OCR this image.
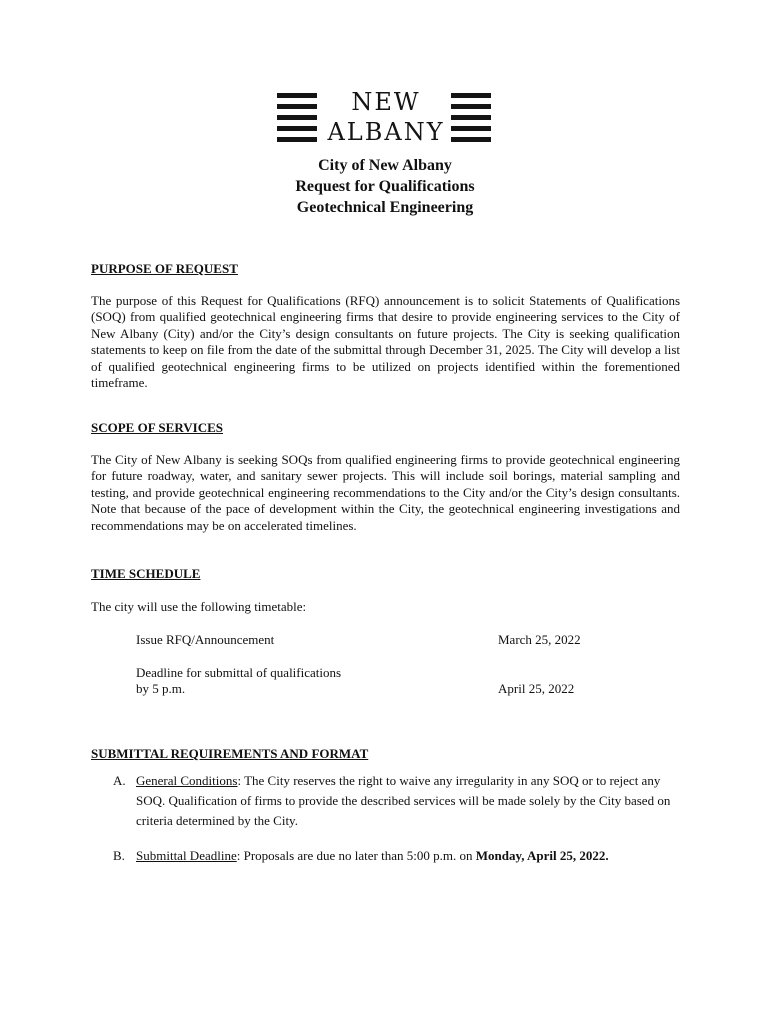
NEW
ALBANY
City of New Albany
Request for Qualifications
Geotechnical Engineering
PURPOSE OF REQUEST

The purpose of this Request for Qualifications (RFQ) announcement is to solicit Statements of Qualifications (SOQ) from qualified geotechnical engineering firms that desire to provide engineering services to the City of New Albany (City) and/or the City’s design consultants on future projects. The City is seeking qualification statements to keep on file from the date of the submittal through December 31, 2025. The City will develop a list of qualified geotechnical engineering firms to be utilized on projects identified within the forementioned timeframe.

SCOPE OF SERVICES

The City of New Albany is seeking SOQs from qualified engineering firms to provide geotechnical engineering for future roadway, water, and sanitary sewer projects. This will include soil borings, material sampling and testing, and provide geotechnical engineering recommendations to the City and/or the City’s design consultants. Note that because of the pace of development within the City, the geotechnical engineering investigations and recommendations may be on accelerated timelines.

TIME SCHEDULE
The city will use the following timetable:
Issue RFQ/Announcement	March 25, 2022
Deadline for submittal of qualifications
by 5 p.m.	April 25, 2022
SUBMITTAL REQUIREMENTS AND FORMAT
A. General Conditions: The City reserves the right to waive any irregularity in any SOQ or to reject any SOQ. Qualification of firms to provide the described services will be made solely by the City based on criteria determined by the City.
B. Submittal Deadline: Proposals are due no later than 5:00 p.m. on Monday, April 25, 2022.
